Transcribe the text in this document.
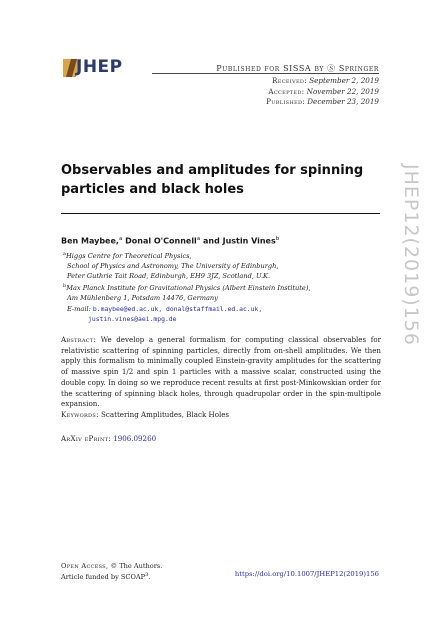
JHEP	Published for SISSA by Ⓢ Springer
Received: September 2, 2019
Accepted: November 22, 2019
Published: December 23, 2019
JHEP12(2019)156
Observables and amplitudes for spinning particles and black holes
Ben Maybee,$^a$ Donal O'Connell$^a$ and Justin Vines$^b$
$^a$Higgs Centre for Theoretical Physics,
School of Physics and Astronomy, The University of Edinburgh,
Peter Guthrie Tait Road, Edinburgh, EH9 3JZ, Scotland, U.K.
$^b$Max Planck Institute for Gravitational Physics (Albert Einstein Institute),
Am Mühlenberg 1, Potsdam 14476, Germany
E-mail: b.maybee@ed.ac.uk, donal@staffmail.ed.ac.uk,
justin.vines@aei.mpg.de
Abstract: We develop a general formalism for computing classical observables for relativistic scattering of spinning particles, directly from on-shell amplitudes. We then apply this formalism to minimally coupled Einstein-gravity amplitudes for the scattering of massive spin 1/2 and spin 1 particles with a massive scalar, constructed using the double copy. In doing so we reproduce recent results at first post-Minkowskian order for the scattering of spinning black holes, through quadrupolar order in the spin-multipole expansion.
Keywords: Scattering Amplitudes, Black Holes
ArXiv ePrint: 1906.09260
Open Access, © The Authors.
Article funded by SCOAP$^3$.	https://doi.org/10.1007/JHEP12(2019)156
